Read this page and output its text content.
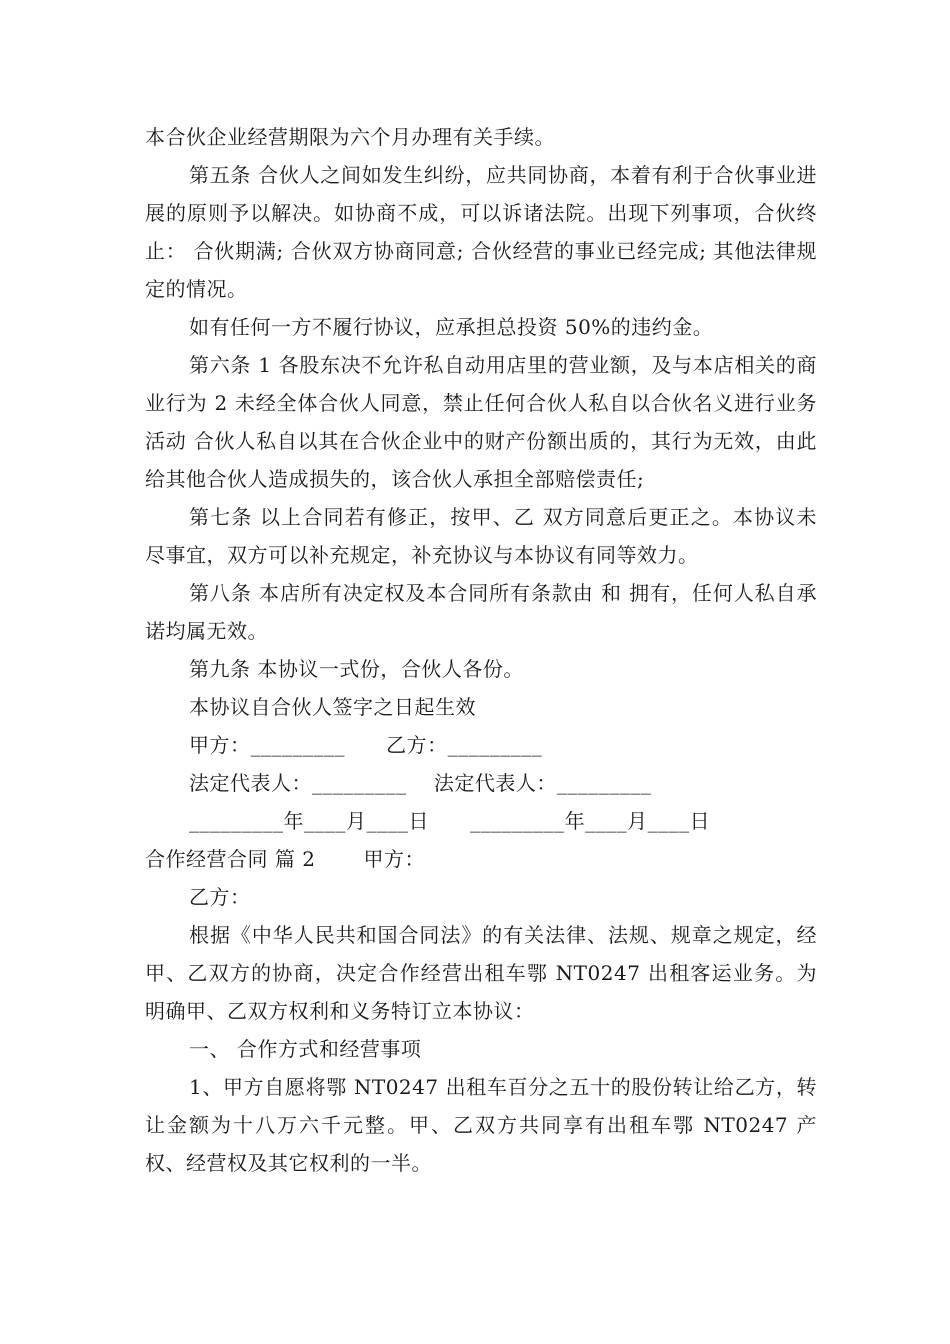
本合伙企业经营期限为六个月办理有关手续。

第五条 合伙人之间如发生纠纷，应共同协商，本着有利于合伙事业进展的原则予以解决。如协商不成，可以诉诸法院。出现下列事项，合伙终止： 合伙期满; 合伙双方协商同意; 合伙经营的事业已经完成; 其他法律规定的情况。

如有任何一方不履行协议，应承担总投资 50%的违约金。

第六条 1 各股东决不允许私自动用店里的营业额，及与本店相关的商业行为 2 未经全体合伙人同意，禁止任何合伙人私自以合伙名义进行业务活动 合伙人私自以其在合伙企业中的财产份额出质的，其行为无效，由此给其他合伙人造成损失的，该合伙人承担全部赔偿责任;

第七条 以上合同若有修正，按甲、乙 双方同意后更正之。本协议未尽事宜，双方可以补充规定，补充协议与本协议有同等效力。

第八条 本店所有决定权及本合同所有条款由 和 拥有，任何人私自承诺均属无效。

第九条 本协议一式份，合伙人各份。

本协议自合伙人签字之日起生效

甲方：_________      乙方：_________

法定代表人：_________    法定代表人：_________

_________年____月____日      _________年____月____日

合作经营合同 篇 2       甲方：

乙方：

根据《中华人民共和国合同法》的有关法律、法规、规章之规定，经甲、乙双方的协商，决定合作经营出租车鄂 NT0247 出租客运业务。为明确甲、乙双方权利和义务特订立本协议：

一、 合作方式和经营事项

1、甲方自愿将鄂 NT0247 出租车百分之五十的股份转让给乙方，转让金额为十八万六千元整。甲、乙双方共同享有出租车鄂 NT0247 产权、经营权及其它权利的一半。
